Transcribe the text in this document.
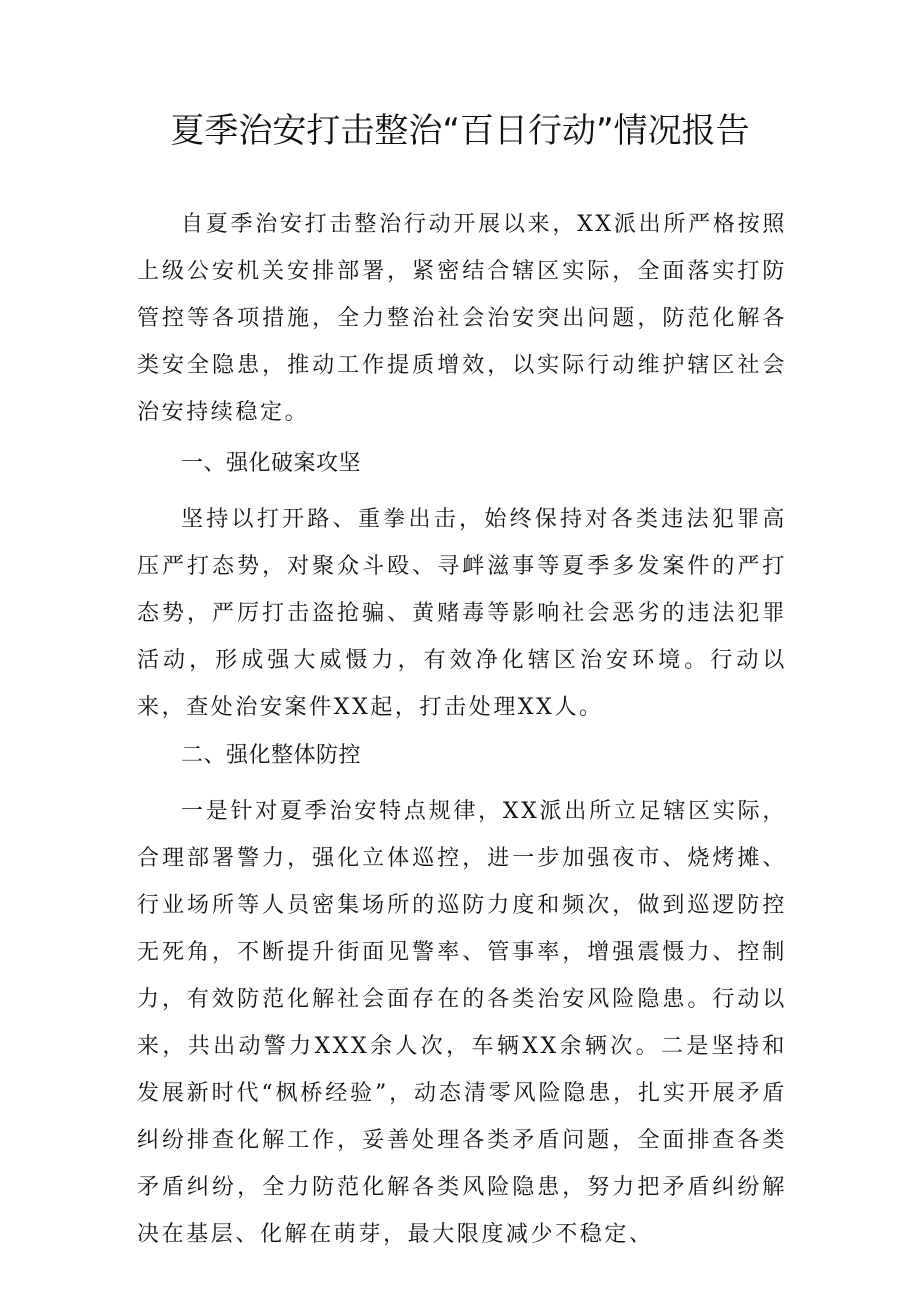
夏季治安打击整治“百日行动”情况报告

自夏季治安打击整治行动开展以来，XX派出所严格按照上级公安机关安排部署，紧密结合辖区实际，全面落实打防管控等各项措施，全力整治社会治安突出问题，防范化解各类安全隐患，推动工作提质增效，以实际行动维护辖区社会治安持续稳定。

一、强化破案攻坚

坚持以打开路、重拳出击，始终保持对各类违法犯罪高压严打态势，对聚众斗殴、寻衅滋事等夏季多发案件的严打态势，严厉打击盗抢骗、黄赌毒等影响社会恶劣的违法犯罪活动，形成强大威慑力，有效净化辖区治安环境。行动以来，查处治安案件XX起，打击处理XX人。

二、强化整体防控

一是针对夏季治安特点规律，XX派出所立足辖区实际，合理部署警力，强化立体巡控，进一步加强夜市、烧烤摊、行业场所等人员密集场所的巡防力度和频次，做到巡逻防控无死角，不断提升街面见警率、管事率，增强震慑力、控制力，有效防范化解社会面存在的各类治安风险隐患。行动以来，共出动警力XXX余人次，车辆XX余辆次。二是坚持和发展新时代“枫桥经验”，动态清零风险隐患，扎实开展矛盾纠纷排查化解工作，妥善处理各类矛盾问题，全面排查各类矛盾纠纷，全力防范化解各类风险隐患，努力把矛盾纠纷解决在基层、化解在萌芽，最大限度减少不稳定、
